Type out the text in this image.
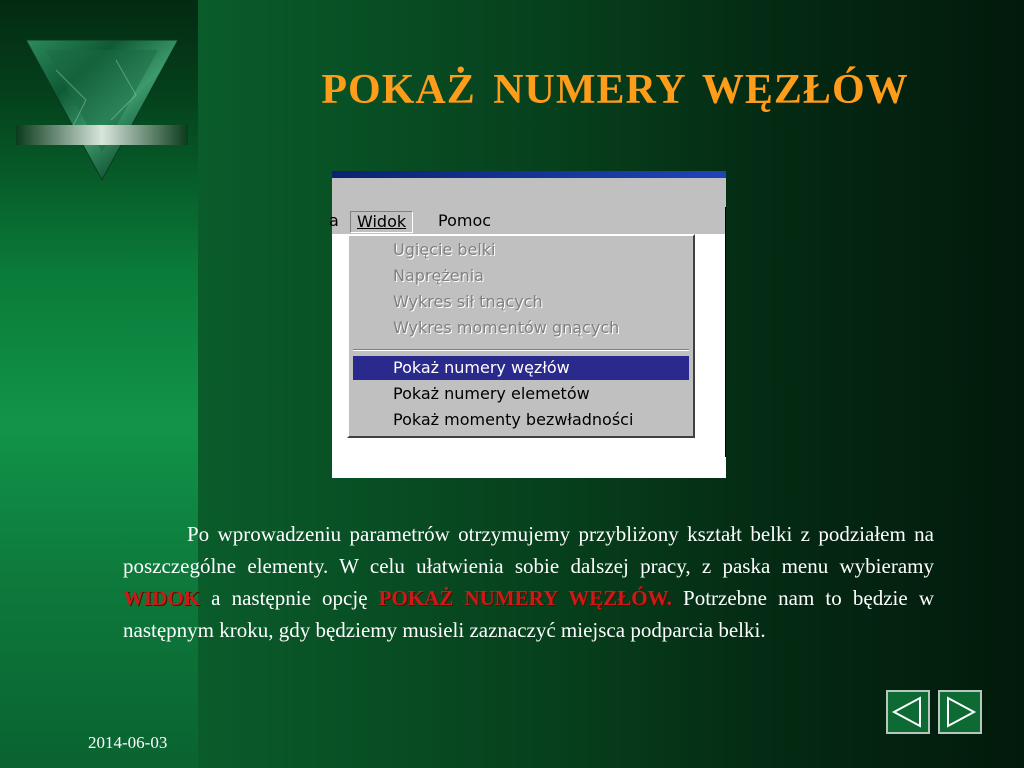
POKAŻ NUMERY WĘZŁÓW
a	Widok	Pomoc
Ugięcie belki
Naprężenia
Wykres sił tnących
Wykres momentów gnących
Pokaż numery węzłów
Pokaż numery elemetów
Pokaż momenty bezwładności
Po wprowadzeniu parametrów otrzymujemy przybliżony kształt belki z podziałem na poszczególne elementy. W celu ułatwienia sobie dalszej pracy, z paska menu wybieramy WIDOK a następnie opcję POKAŻ NUMERY WĘZŁÓW. Potrzebne nam to będzie w następnym kroku, gdy będziemy musieli zaznaczyć miejsca podparcia belki.
2014-06-03
